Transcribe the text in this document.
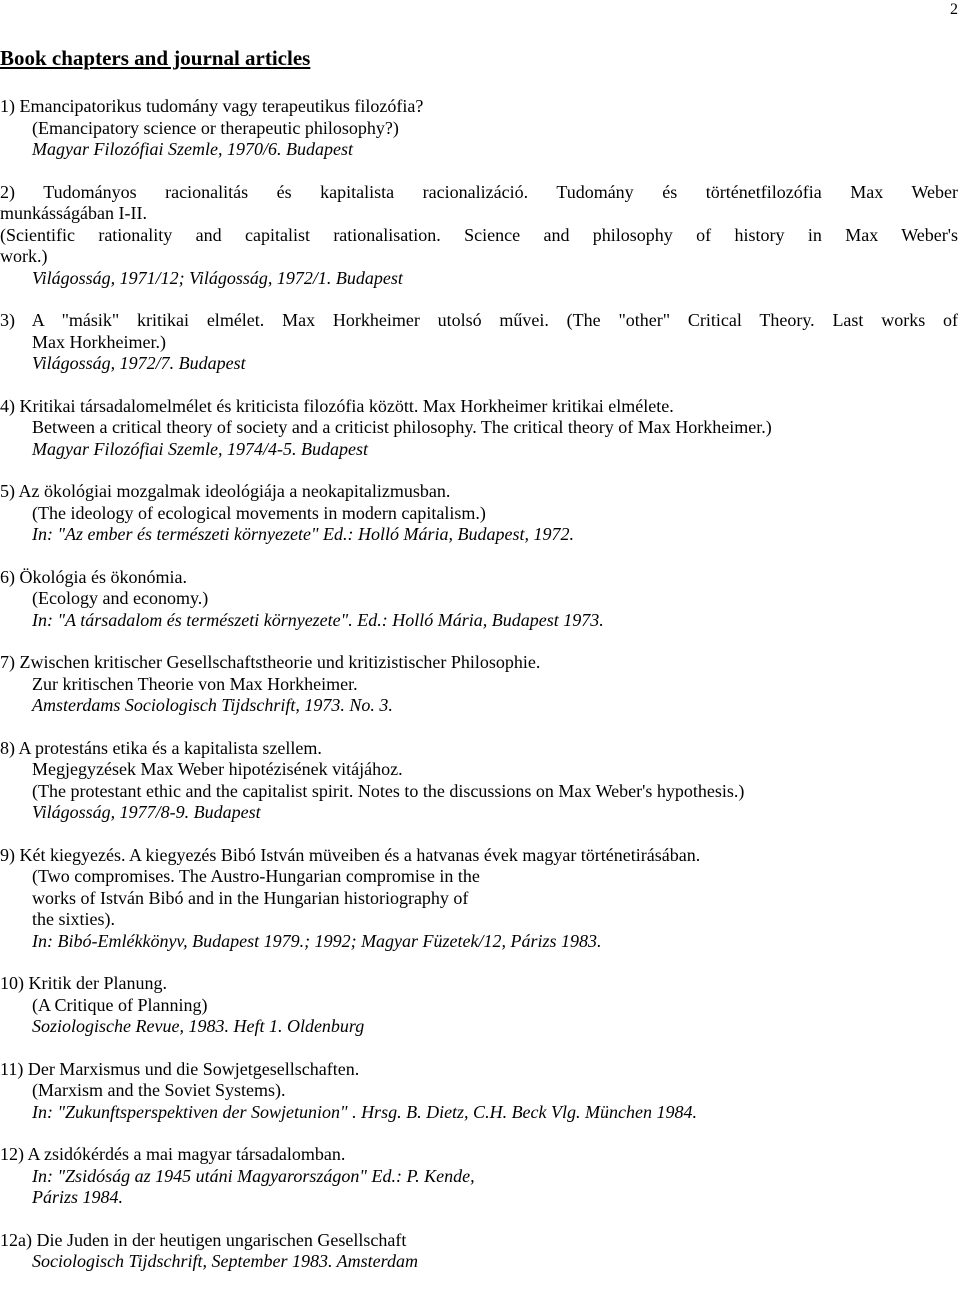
2
Book chapters and journal articles
1) Emancipatorikus tudomány vagy terapeutikus filozófia?
(Emancipatory science or therapeutic philosophy?)
Magyar Filozófiai Szemle, 1970/6. Budapest
2) Tudományos racionalitás és kapitalista racionalizáció. Tudomány és történetfilozófia Max Weber
munkásságában I-II.
(Scientific rationality and capitalist rationalisation. Science and philosophy of history in Max Weber's
work.)
Világosság, 1971/12; Világosság, 1972/1. Budapest
3) A "másik" kritikai elmélet. Max Horkheimer utolsó művei. (The "other" Critical Theory. Last works of
Max Horkheimer.)
Világosság, 1972/7. Budapest
4) Kritikai társadalomelmélet és kriticista filozófia között. Max Horkheimer kritikai elmélete.
Between a critical theory of society and a criticist philosophy. The critical theory of Max Horkheimer.)
Magyar Filozófiai Szemle, 1974/4-5. Budapest
5) Az ökológiai mozgalmak ideológiája a neokapitalizmusban.
(The ideology of ecological movements in modern capitalism.)
In: "Az ember és természeti környezete" Ed.: Holló Mária, Budapest, 1972.
6) Ökológia és ökonómia.
(Ecology and economy.)
In: "A társadalom és természeti környezete". Ed.: Holló Mária, Budapest 1973.
7) Zwischen kritischer Gesellschaftstheorie und kritizistischer Philosophie.
Zur kritischen Theorie von Max Horkheimer.
Amsterdams Sociologisch Tijdschrift, 1973. No. 3.
8) A protestáns etika és a kapitalista szellem.
Megjegyzések Max Weber hipotézisének vitájához.
(The protestant ethic and the capitalist spirit. Notes to the discussions on Max Weber's hypothesis.)
Világosság, 1977/8-9. Budapest
9) Két kiegyezés. A kiegyezés Bibó István müveiben és a hatvanas évek magyar történetirásában.
(Two compromises. The Austro-Hungarian compromise in the
works of István Bibó and in the Hungarian historiography of
the sixties).
In: Bibó-Emlékkönyv, Budapest 1979.; 1992; Magyar Füzetek/12, Párizs 1983.
10) Kritik der Planung.
(A Critique of Planning)
Soziologische Revue, 1983. Heft 1. Oldenburg
11) Der Marxismus und die Sowjetgesellschaften.
(Marxism and the Soviet Systems).
In: "Zukunftsperspektiven der Sowjetunion" . Hrsg. B. Dietz, C.H. Beck Vlg. München 1984.
12) A zsidókérdés a mai magyar társadalomban.
In: "Zsidóság az 1945 utáni Magyarországon" Ed.: P. Kende,
Párizs 1984.
12a) Die Juden in der heutigen ungarischen Gesellschaft
Sociologisch Tijdschrift, September 1983. Amsterdam
